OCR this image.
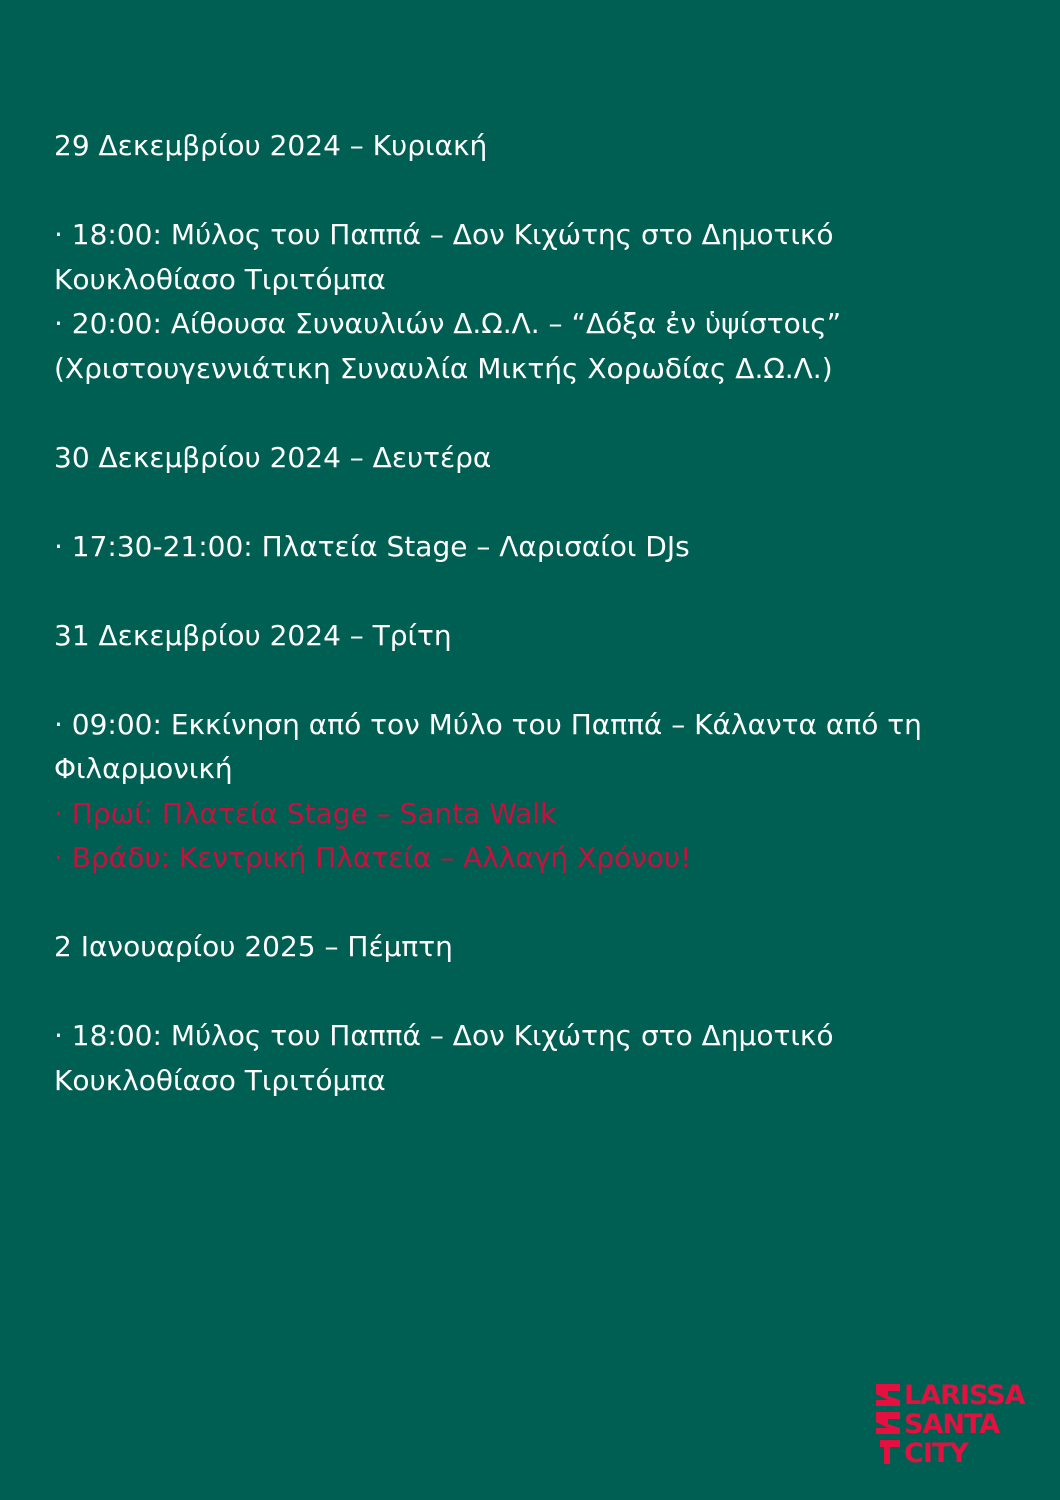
29 Δεκεμβρίου 2024 – Κυριακή
· 18:00: Μύλος του Παππά – Δον Κιχώτης στο Δημοτικό Κουκλοθίασο Τιριτόμπα
· 20:00: Αίθουσα Συναυλιών Δ.Ω.Λ. – “Δόξα ἐν ὑψίστοις” (Χριστουγεννιάτικη Συναυλία Μικτής Χορωδίας Δ.Ω.Λ.)
30 Δεκεμβρίου 2024 – Δευτέρα
· 17:30-21:00: Πλατεία Stage – Λαρισαίοι DJs
31 Δεκεμβρίου 2024 – Τρίτη
· 09:00: Εκκίνηση από τον Μύλο του Παππά – Κάλαντα από τη Φιλαρμονική
· Πρωί: Πλατεία Stage – Santa Walk
· Βράδυ: Κεντρική Πλατεία – Αλλαγή Χρόνου!
2 Ιανουαρίου 2025 – Πέμπτη
· 18:00: Μύλος του Παππά – Δον Κιχώτης στο Δημοτικό Κουκλοθίασο Τιριτόμπα
LARISSA
SANTA
CITY
